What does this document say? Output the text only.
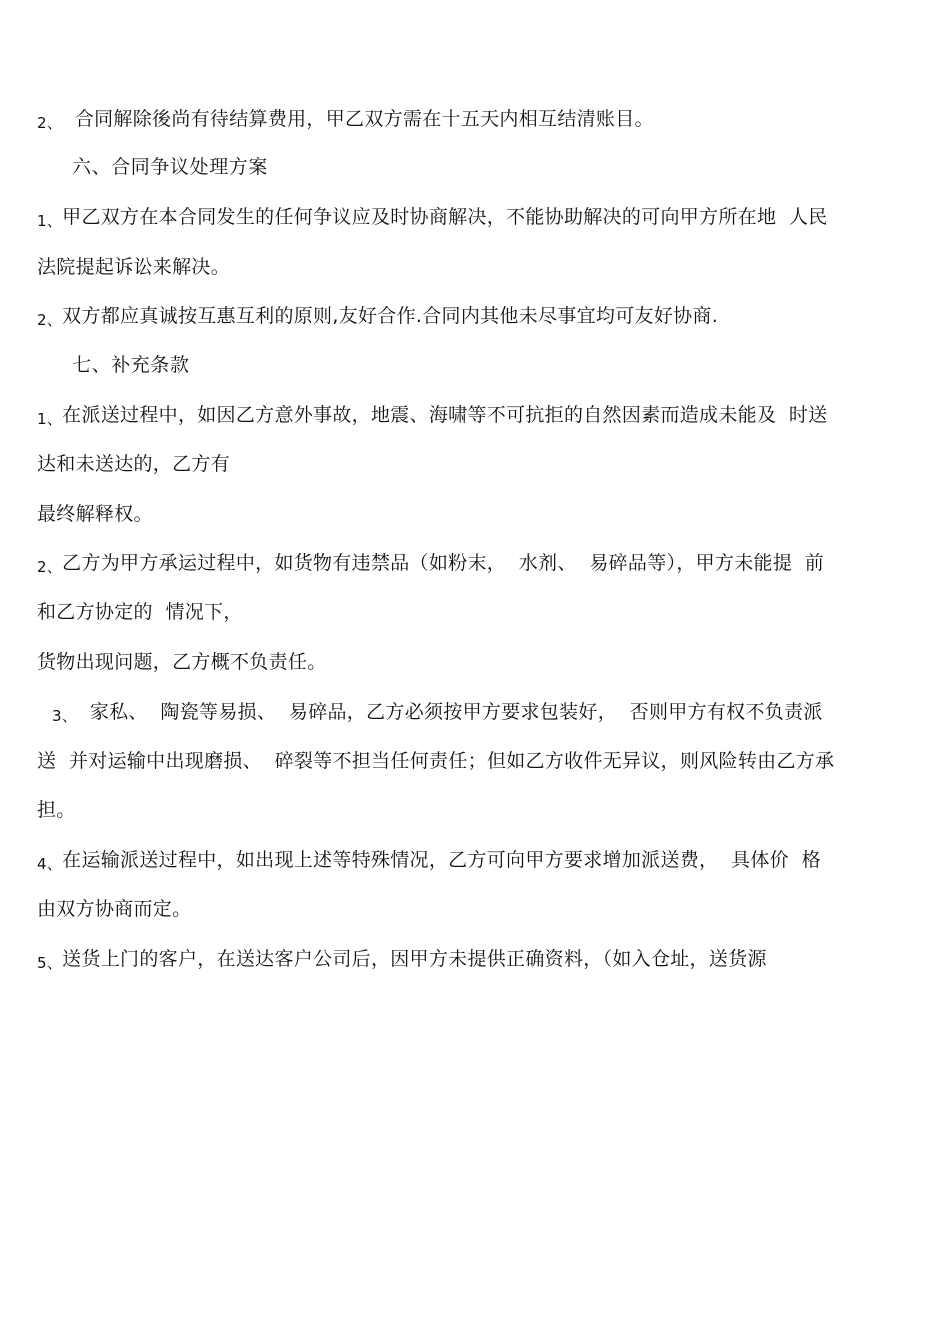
2、  合同解除後尚有待结算费用，甲乙双方需在十五天内相互结清账目。
六、合同争议处理方案
1、甲乙双方在本合同发生的任何争议应及时协商解决，不能协助解决的可向甲方所在地  人民
法院提起诉讼来解决。
2、双方都应真诚按互惠互利的原则,友好合作.合同内其他未尽事宜均可友好协商.
七、补充条款
1、在派送过程中，如因乙方意外事故，地震、海啸等不可抗拒的自然因素而造成未能及  时送
达和未送达的，乙方有
最终解释权。
2、乙方为甲方承运过程中，如货物有违禁品（如粉末，  水剂、  易碎品等），甲方未能提  前
和乙方协定的  情况下，
货物出现问题，乙方概不负责任。
3、  家私、  陶瓷等易损、  易碎品，乙方必须按甲方要求包装好，  否则甲方有权不负责派
送  并对运输中出现磨损、  碎裂等不担当任何责任；但如乙方收件无异议，则风险转由乙方承
担。
4、在运输派送过程中，如出现上述等特殊情况，乙方可向甲方要求增加派送费，  具体价  格
由双方协商而定。
5、送货上门的客户，在送达客户公司后，因甲方未提供正确资料，（如入仓址，送货源
